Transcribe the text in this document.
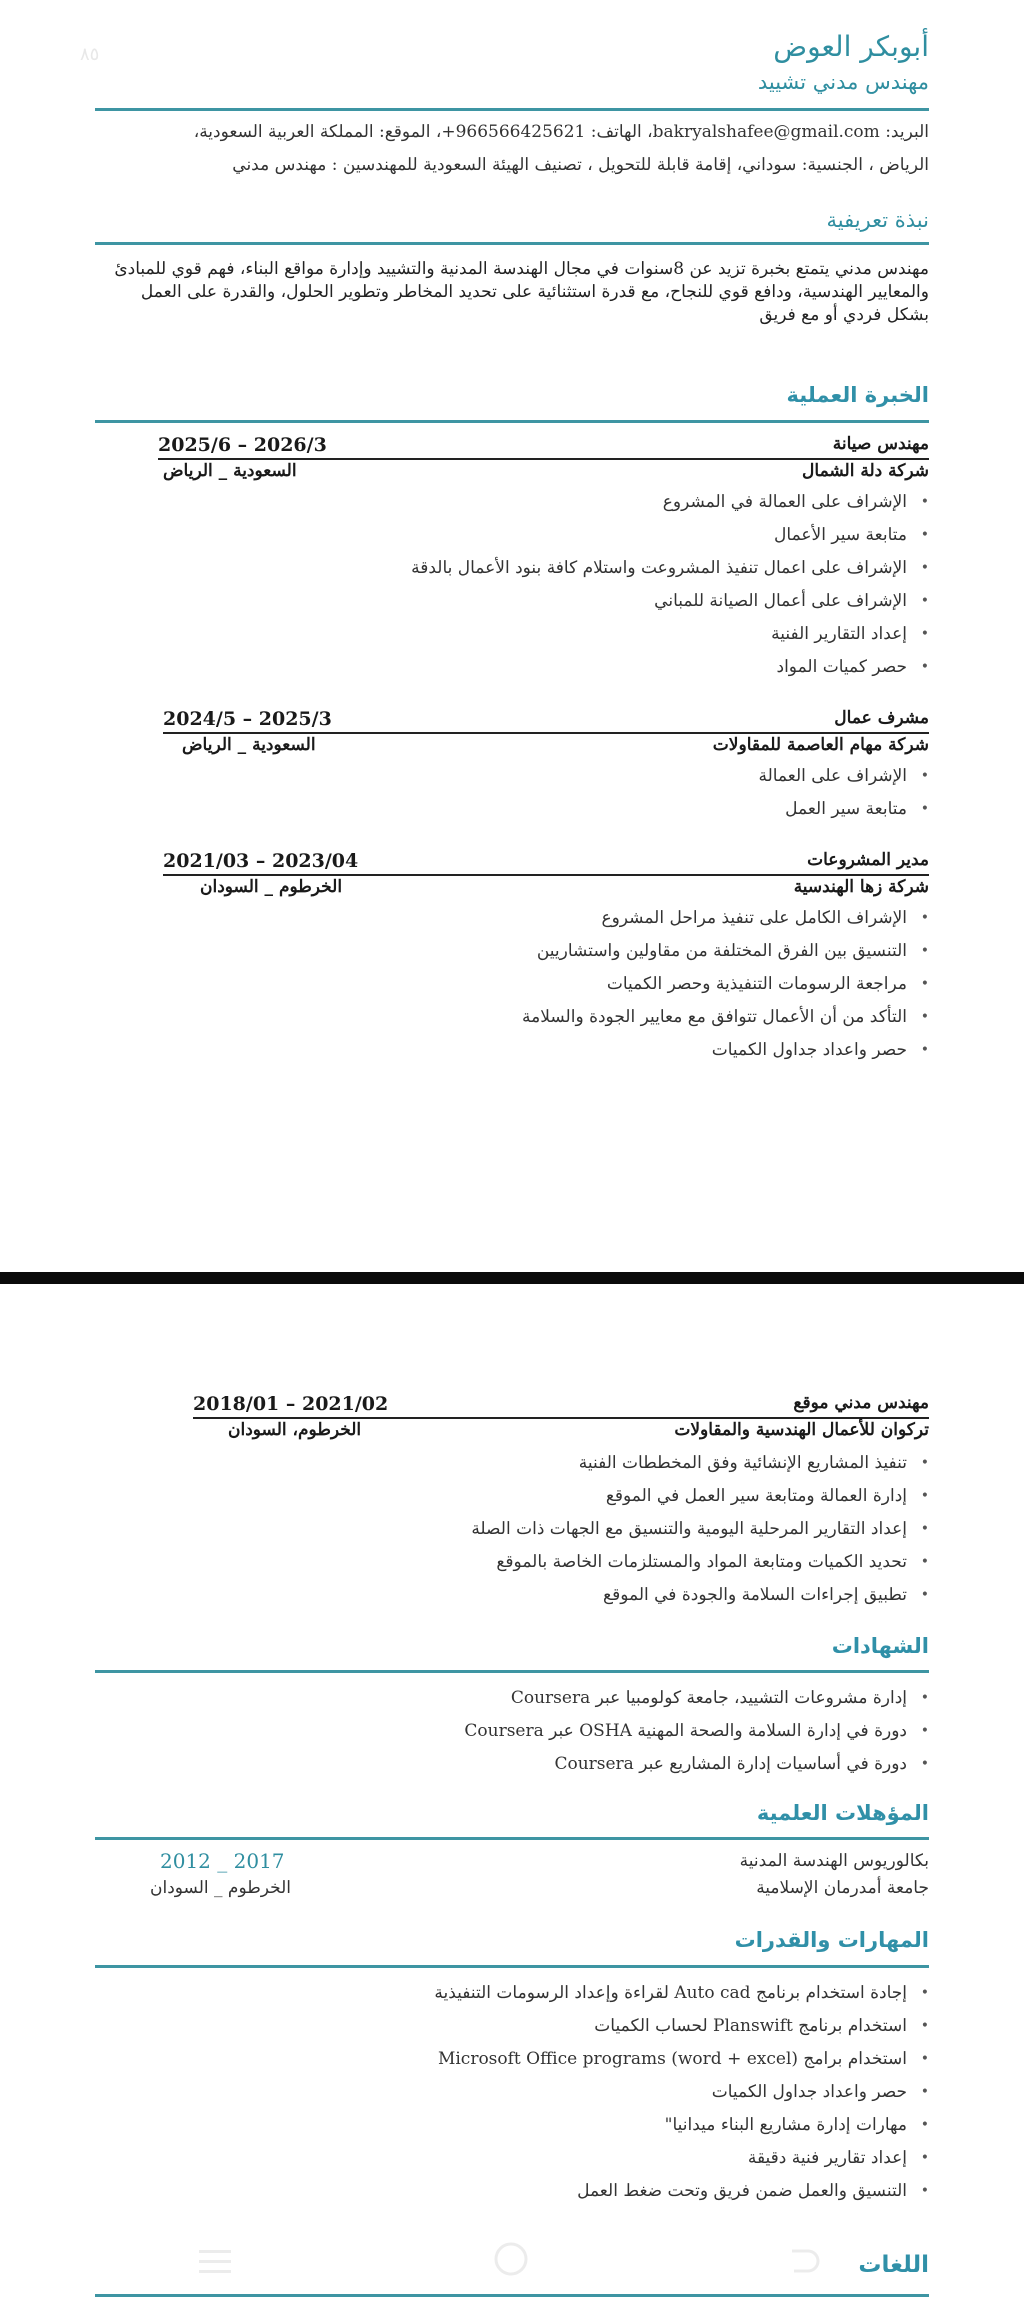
٨٥	أبوبكر العوض
مهندس مدني تشييد
البريد: bakryalshafee@gmail.com، الهاتف: 966566425621+، الموقع: المملكة العربية السعودية،
الرياض ، الجنسية: سوداني، إقامة قابلة للتحويل ، تصنيف الهيئة السعودية للمهندسين : مهندس مدني
نبذة تعريفية
مهندس مدني يتمتع بخبرة تزيد عن 8سنوات في مجال الهندسة المدنية والتشييد وإدارة مواقع البناء، فهم قوي للمبادئ والمعايير الهندسية، ودافع قوي للنجاح، مع قدرة استثنائية على تحديد المخاطر وتطوير الحلول، والقدرة على العمل بشكل فردي أو مع فريق
الخبرة العملية
مهندس صيانة
2025/6 – 2026/3
شركة دلة الشمال
السعودية _ الرياض
• الإشراف على العمالة في المشروع
• متابعة سير الأعمال
• الإشراف على اعمال تنفيذ المشروعت واستلام كافة بنود الأعمال بالدقة
• الإشراف على أعمال الصيانة للمباني
• إعداد التقارير الفنية
• حصر كميات المواد
مشرف عمال
2024/5 – 2025/3
شركة مهام العاصمة للمقاولات
السعودية _ الرياض
• الإشراف على العمالة
• متابعة سير العمل
مدير المشروعات
2021/03 – 2023/04
شركة زها الهندسية
الخرطوم _ السودان
• الإشراف الكامل على تنفيذ مراحل المشروع
• التنسيق بين الفرق المختلفة من مقاولين واستشاريين
• مراجعة الرسومات التنفيذية وحصر الكميات
• التأكد من أن الأعمال تتوافق مع معايير الجودة والسلامة
• حصر واعداد جداول الكميات
مهندس مدني موقع
2018/01 – 2021/02
تركوان للأعمال الهندسية والمقاولات
الخرطوم، السودان
• تنفيذ المشاريع الإنشائية وفق المخططات الفنية
• إدارة العمالة ومتابعة سير العمل في الموقع
• إعداد التقارير المرحلية اليومية والتنسيق مع الجهات ذات الصلة
• تحديد الكميات ومتابعة المواد والمستلزمات الخاصة بالموقع
• تطبيق إجراءات السلامة والجودة في الموقع
الشهادات
• إدارة مشروعات التشييد، جامعة كولومبيا عبر Coursera
• دورة في إدارة السلامة والصحة المهنية OSHA عبر Coursera
• دورة في أساسيات إدارة المشاريع عبر Coursera
المؤهلات العلمية
بكالوريوس الهندسة المدنية
2012 _ 2017
جامعة أمدرمان الإسلامية
الخرطوم _ السودان
المهارات والقدرات
• إجادة استخدام برنامج Auto cad لقراءة وإعداد الرسومات التنفيذية
• استخدام برنامج Planswift لحساب الكميات
• استخدام برامج Microsoft Office programs (word + excel)
• حصر واعداد جداول الكميات
• مهارات إدارة مشاريع البناء ميدانيا"
• إعداد تقارير فنية دقيقة
• التنسيق والعمل ضمن فريق وتحت ضغط العمل
اللغات
